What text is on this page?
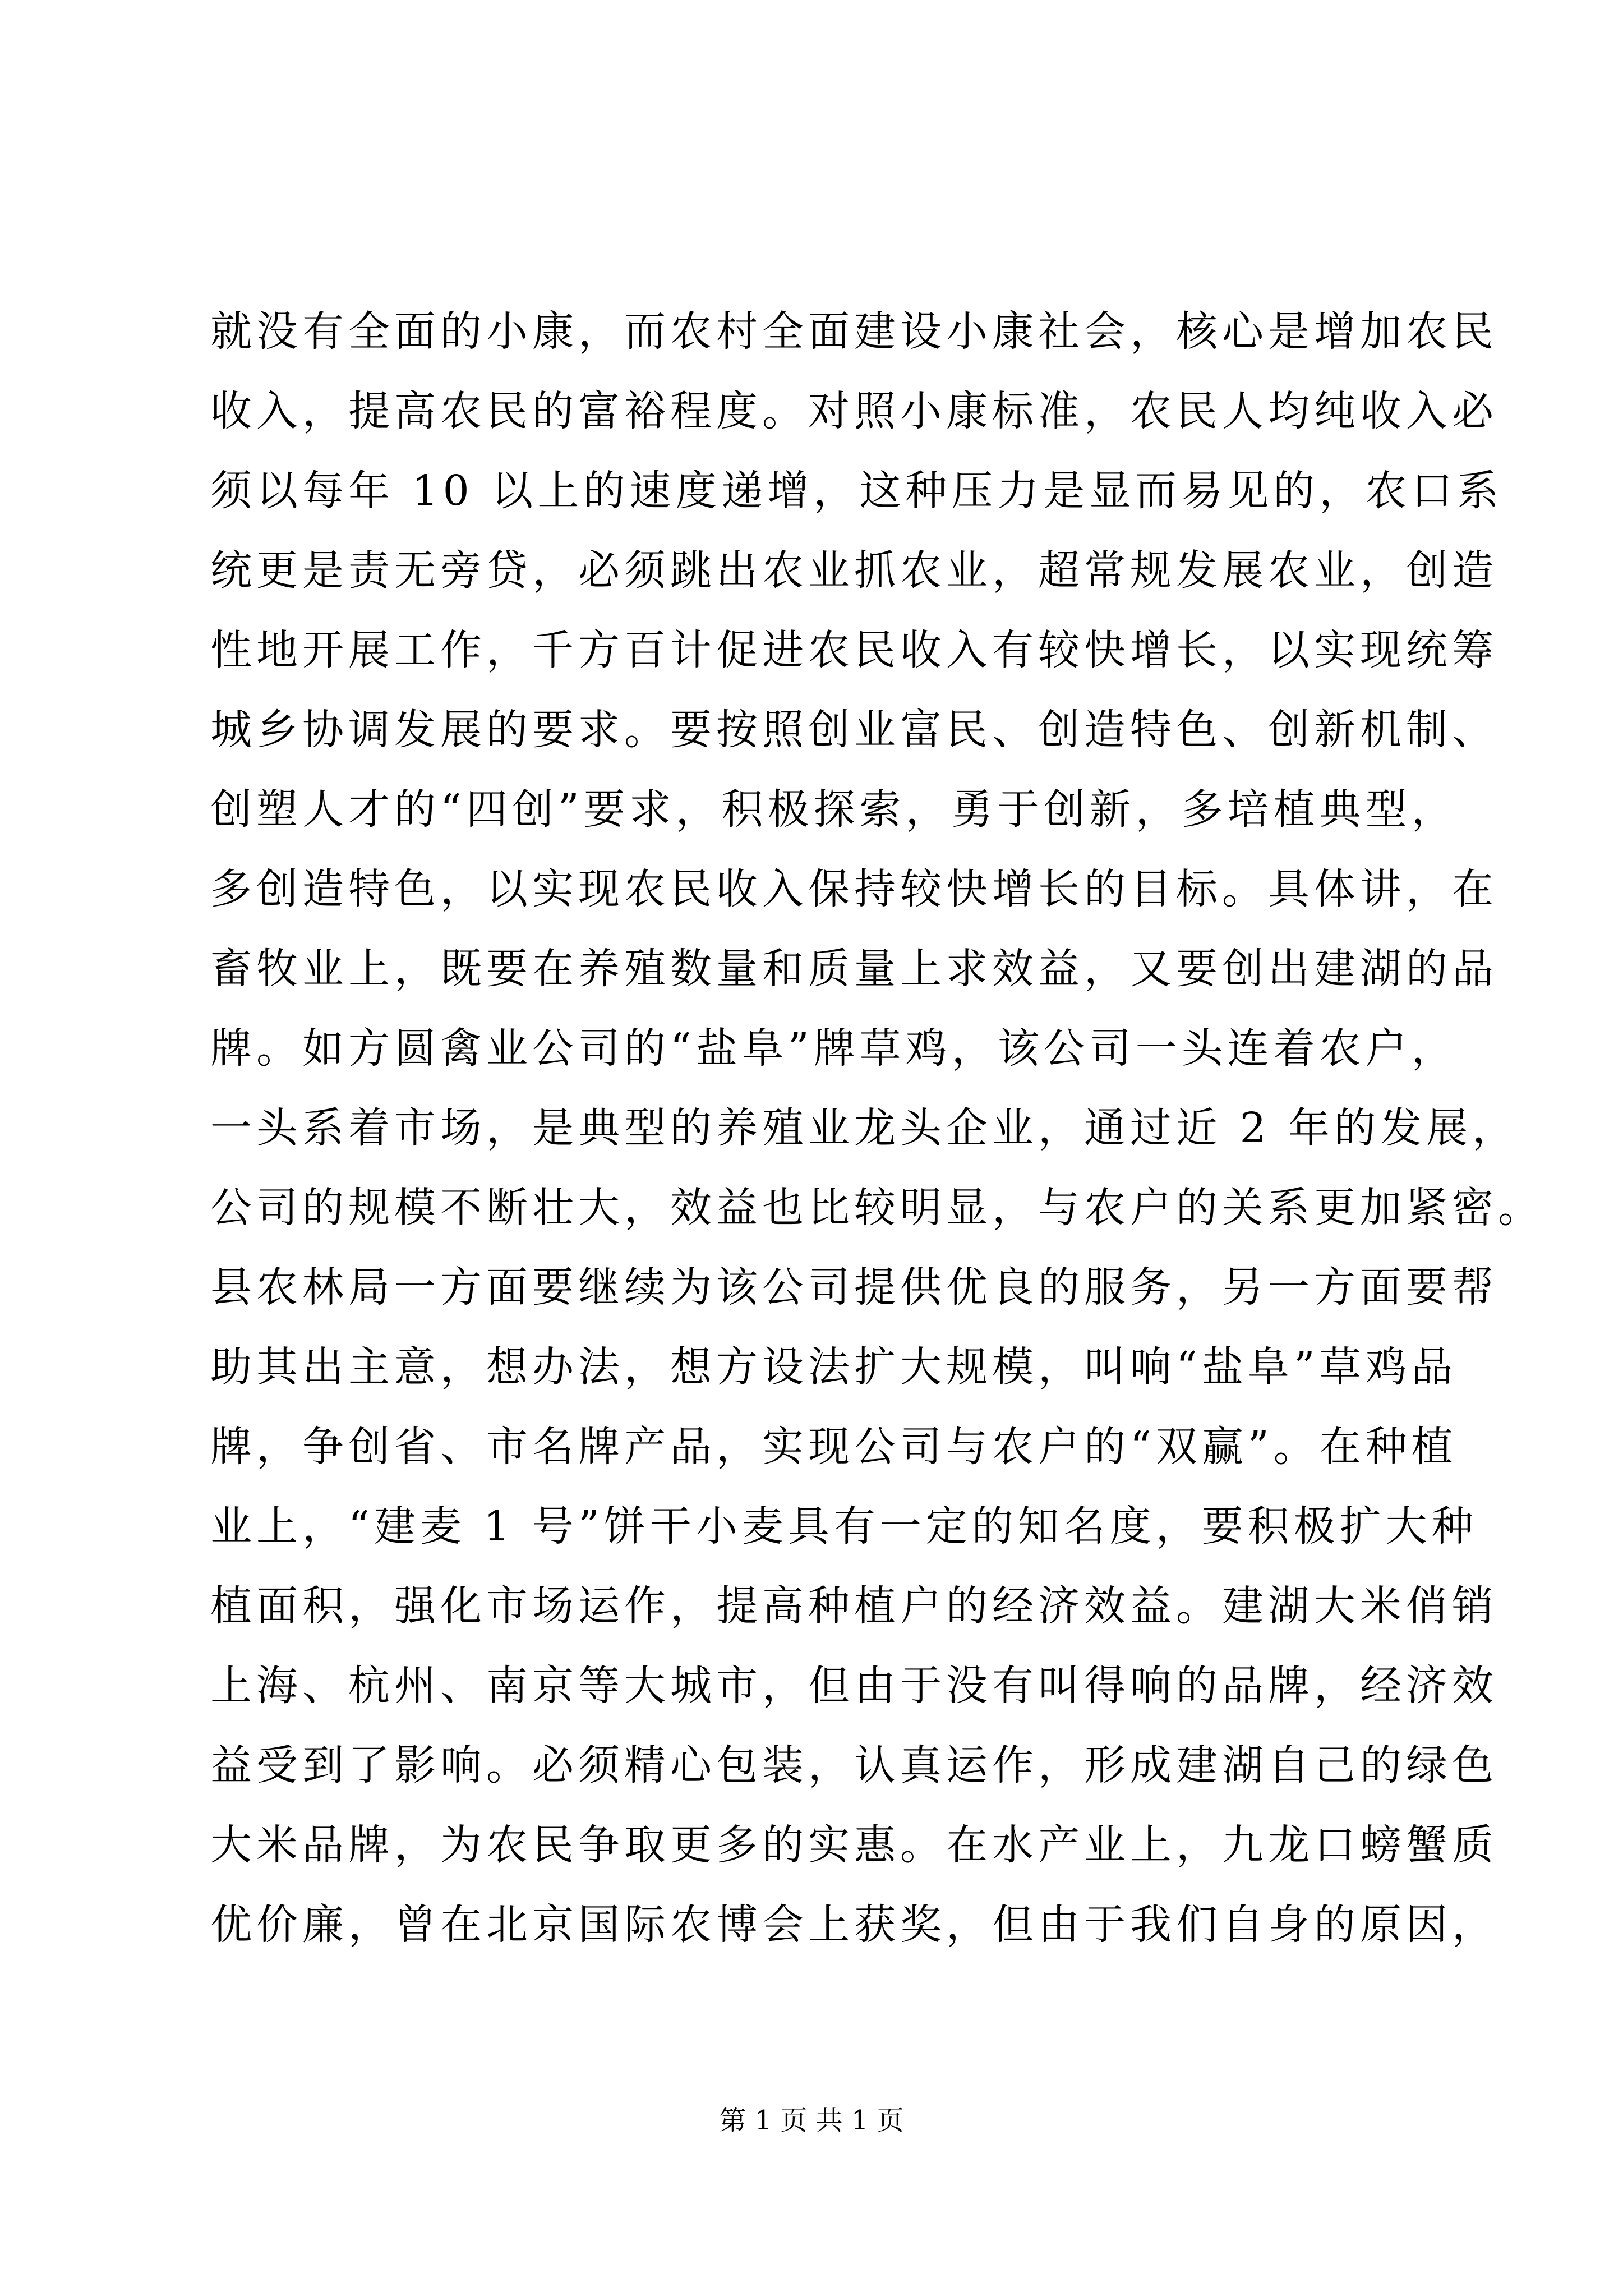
就没有全面的小康，而农村全面建设小康社会，核心是增加农民
收入，提高农民的富裕程度。对照小康标准，农民人均纯收入必
须以每年 10 以上的速度递增，这种压力是显而易见的，农口系
统更是责无旁贷，必须跳出农业抓农业，超常规发展农业，创造
性地开展工作，千方百计促进农民收入有较快增长，以实现统筹
城乡协调发展的要求。要按照创业富民、创造特色、创新机制、
创塑人才的“四创”要求，积极探索，勇于创新，多培植典型，
多创造特色，以实现农民收入保持较快增长的目标。具体讲，在
畜牧业上，既要在养殖数量和质量上求效益，又要创出建湖的品
牌。如方圆禽业公司的“盐阜”牌草鸡，该公司一头连着农户，
一头系着市场，是典型的养殖业龙头企业，通过近 2 年的发展，
公司的规模不断壮大，效益也比较明显，与农户的关系更加紧密。
县农林局一方面要继续为该公司提供优良的服务，另一方面要帮
助其出主意，想办法，想方设法扩大规模，叫响“盐阜”草鸡品
牌，争创省、市名牌产品，实现公司与农户的“双赢”。在种植
业上，“建麦 1 号”饼干小麦具有一定的知名度，要积极扩大种
植面积，强化市场运作，提高种植户的经济效益。建湖大米俏销
上海、杭州、南京等大城市，但由于没有叫得响的品牌，经济效
益受到了影响。必须精心包装，认真运作，形成建湖自己的绿色
大米品牌，为农民争取更多的实惠。在水产业上，九龙口螃蟹质
优价廉，曾在北京国际农博会上获奖，但由于我们自身的原因，
第 1 页 共 1 页
